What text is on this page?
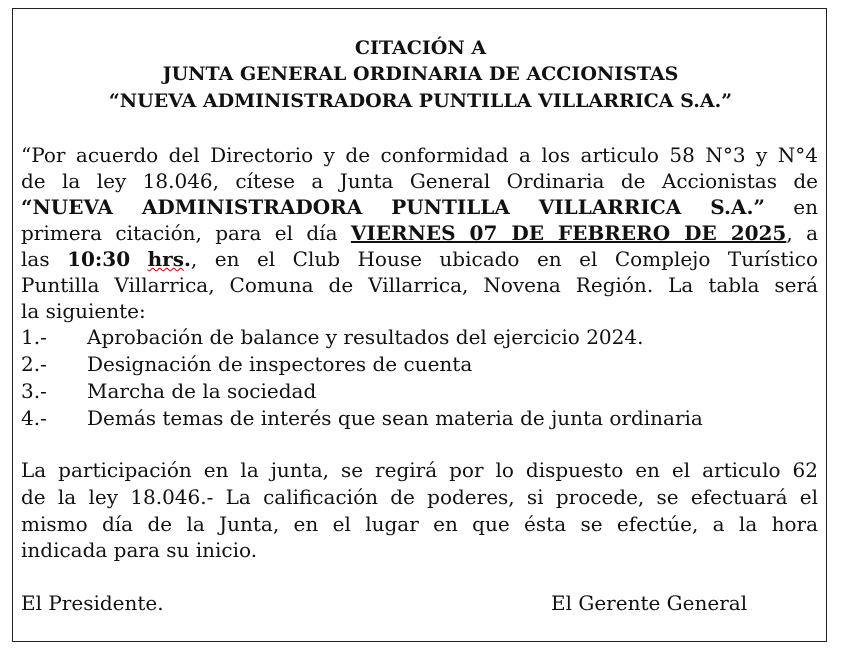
CITACIÓN A
JUNTA GENERAL ORDINARIA DE ACCIONISTAS
“NUEVA ADMINISTRADORA PUNTILLA VILLARRICA S.A.”
“Por acuerdo del Directorio y de conformidad a los articulo 58 N°3 y N°4
de la ley 18.046, cítese a Junta General Ordinaria de Accionistas de
“NUEVA ADMINISTRADORA PUNTILLA VILLARRICA S.A.” en
primera citación, para el día VIERNES 07 DE FEBRERO DE 2025, a
las 10:30 hrs., en el Club House ubicado en el Complejo Turístico
Puntilla Villarrica, Comuna de Villarrica, Novena Región. La tabla será
la siguiente:
1.- Aprobación de balance y resultados del ejercicio 2024.
2.- Designación de inspectores de cuenta
3.- Marcha de la sociedad
4.- Demás temas de interés que sean materia de junta ordinaria
La participación en la junta, se regirá por lo dispuesto en el articulo 62
de la ley 18.046.- La calificación de poderes, si procede, se efectuará el
mismo día de la Junta, en el lugar en que ésta se efectúe, a la hora
indicada para su inicio.
El Presidente.	El Gerente General
